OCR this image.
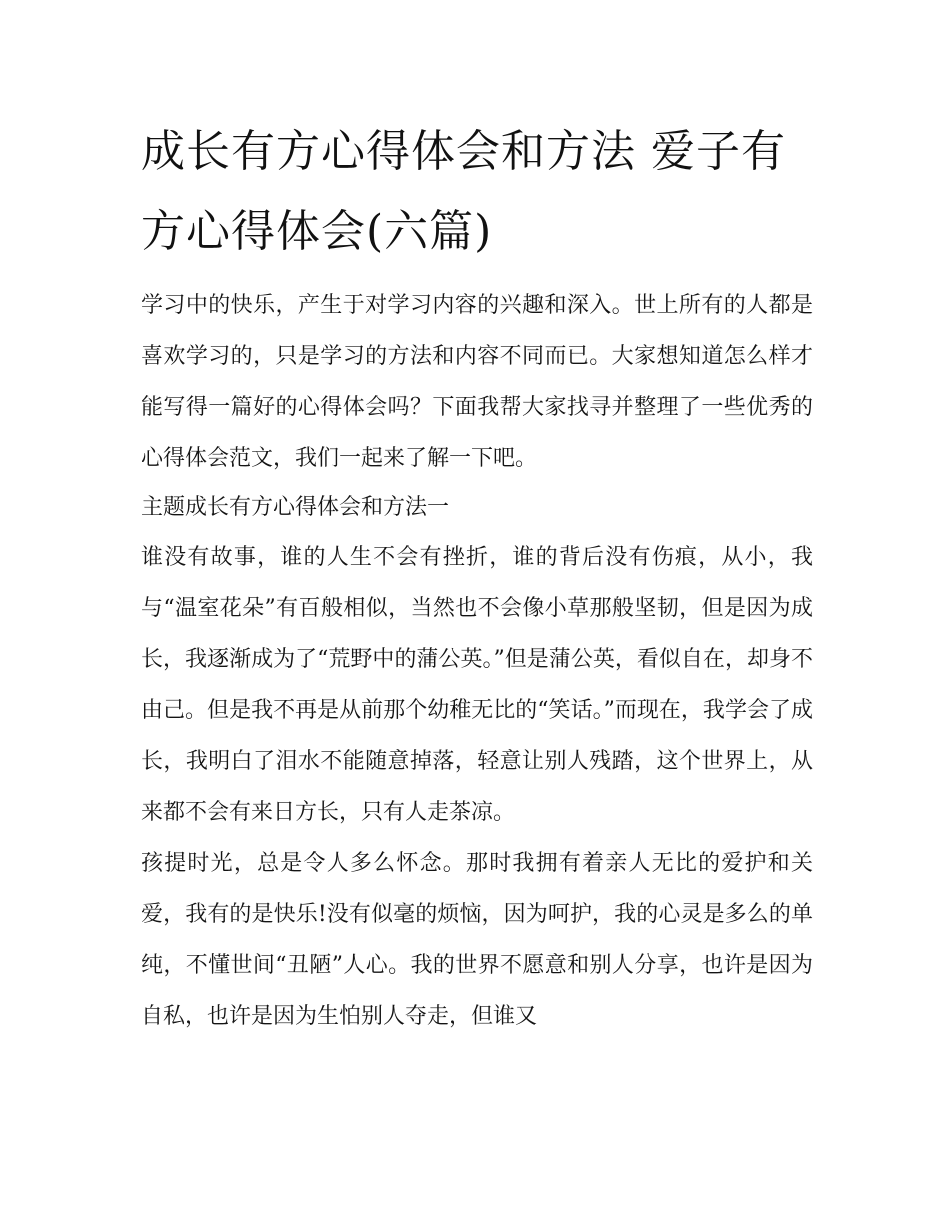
成长有方心得体会和方法 爱子有方心得体会(六篇)

学习中的快乐，产生于对学习内容的兴趣和深入。世上所有的人都是喜欢学习的，只是学习的方法和内容不同而已。大家想知道怎么样才能写得一篇好的心得体会吗？下面我帮大家找寻并整理了一些优秀的心得体会范文，我们一起来了解一下吧。

主题成长有方心得体会和方法一

谁没有故事，谁的人生不会有挫折，谁的背后没有伤痕，从小，我与“温室花朵”有百般相似，当然也不会像小草那般坚韧，但是因为成长，我逐渐成为了“荒野中的蒲公英。”但是蒲公英，看似自在，却身不由己。但是我不再是从前那个幼稚无比的“笑话。”而现在，我学会了成长，我明白了泪水不能随意掉落，轻意让别人残踏，这个世界上，从来都不会有来日方长，只有人走茶凉。

孩提时光，总是令人多么怀念。那时我拥有着亲人无比的爱护和关爱，我有的是快乐!没有似毫的烦恼，因为呵护，我的心灵是多么的单纯，不懂世间“丑陋”人心。我的世界不愿意和别人分享，也许是因为自私，也许是因为生怕别人夺走，但谁又
